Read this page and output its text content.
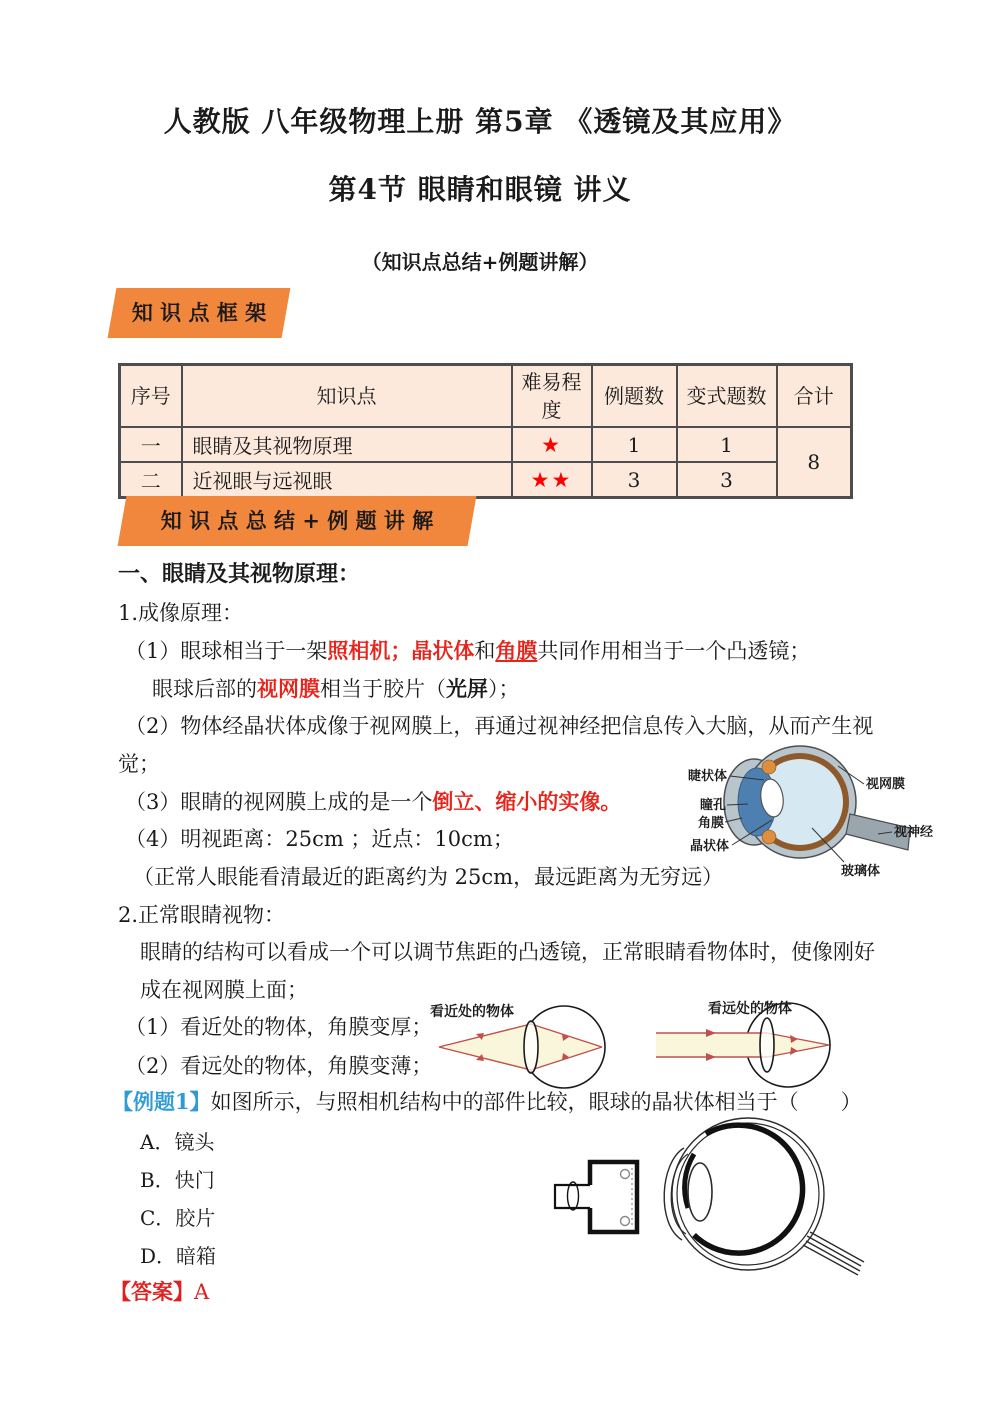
人教版 八年级物理上册 第5章 《透镜及其应用》
第4节 眼睛和眼镜 讲义
（知识点总结+例题讲解）
知 识 点 框 架
序号	知识点	难易程度	例题数	变式题数	合计
一	眼睛及其视物原理	★	1	1	8
二	近视眼与远视眼	★★	3	3	
知 识 点 总 结 + 例 题 讲 解
一、眼睛及其视物原理：
1.成像原理：
（1）眼球相当于一架照相机；晶状体和角膜共同作用相当于一个凸透镜；
眼球后部的视网膜相当于胶片（光屏）；
（2）物体经晶状体成像于视网膜上，再通过视神经把信息传入大脑，从而产生视
觉；
（3）眼睛的视网膜上成的是一个倒立、缩小的实像。
（4）明视距离：25cm ；近点：10cm；
（正常人眼能看清最近的距离约为 25cm，最远距离为无穷远）
2.正常眼睛视物：
眼睛的结构可以看成一个可以调节焦距的凸透镜，正常眼睛看物体时，使像刚好
成在视网膜上面；
（1）看近处的物体，角膜变厚；
（2）看远处的物体，角膜变薄；
【例题1】如图所示，与照相机结构中的部件比较，眼球的晶状体相当于（　　）
A．镜头
B．快门
C．胶片
D．暗箱
【答案】A
睫状体
瞳孔
角膜
晶状体
视网膜
视神经
玻璃体
看近处的物体	看远处的物体
